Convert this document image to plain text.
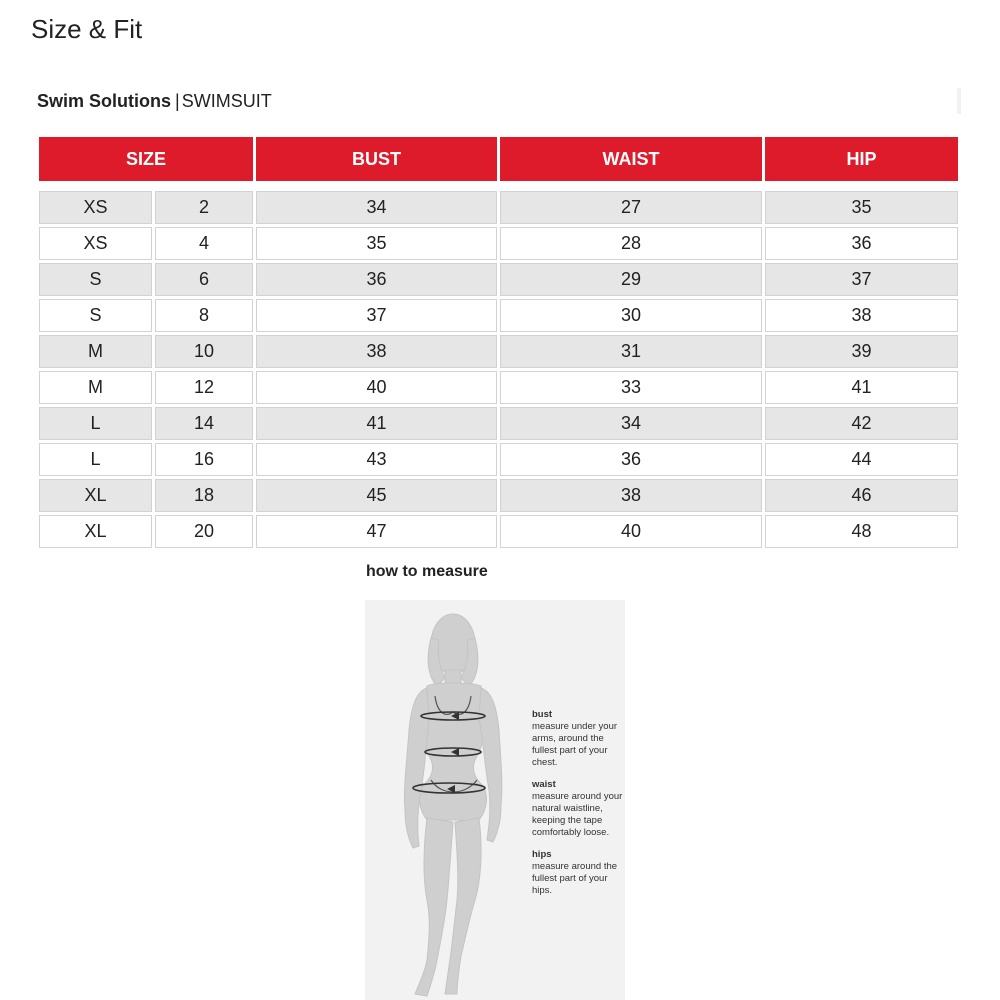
Size & Fit
Swim Solutions | SWIMSUIT
SIZE		BUST	WAIST	HIP

XS	2	34	27	35
XS	4	35	28	36
S	6	36	29	37
S	8	37	30	38
M	10	38	31	39
M	12	40	33	41
L	14	41	34	42
L	16	43	36	44
XL	18	45	38	46
XL	20	47	40	48
how to measure
bust
measure under your arms, around the fullest part of your chest.
waist
measure around your natural waistline, keeping the tape comfortably loose.
hips
measure around the fullest part of your hips.
